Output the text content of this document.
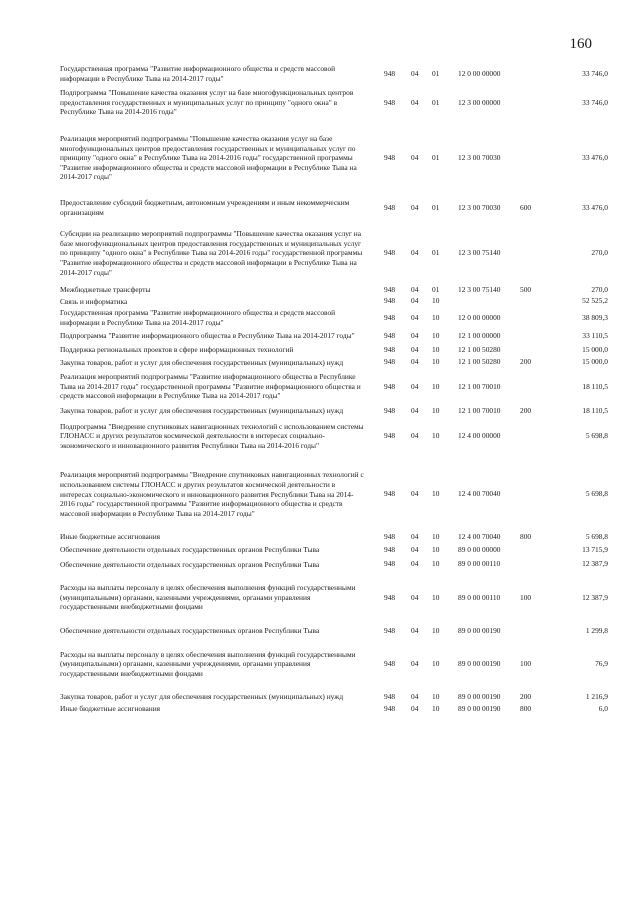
160
Государственная программа "Развитие информационного общества и средств массовой информации в Республике Тыва на 2014-2017 годы"
948 04 01	12 0 00 00000	33 746,0
Подпрограмма "Повышение качества оказания услуг на базе многофункциональных центров предоставления государственных и муниципальных услуг по принципу "одного окна" в Республике Тыва на 2014-2016 годы"
948 04 01	12 3 00 00000	33 746,0
Реализация мероприятий подпрограммы "Повышение качества оказания услуг на базе многофункциональных центров предоставления государственных и муниципальных услуг по принципу "одного окна" в Республике Тыва на 2014-2016 годы" государственной программы "Развитие информационного общества и средств массовой информации в Республике Тыва на 2014-2017 годы"
948 04 01	12 3 00 70030	33 476,0
Предоставление субсидий бюджетным, автономным учреждениям и иным некоммерческим организациям
948 04 01	12 3 00 70030	600	33 476,0
Субсидии на реализацию мероприятий подпрограммы "Повышение качества оказания услуг на базе многофункциональных центров предоставления государственных и муниципальных услуг по принципу "одного окна" в Республике Тыва на 2014-2016 годы" государственной программы "Развитие информационного общества и средств массовой информации в Республике Тыва на 2014-2017 годы"
948 04 01	12 3 00 75140	270,0
Межбюджетные трансферты	948 04 01	12 3 00 75140	500	270,0
Связь и информатика	948 04 10	52 525,2
Государственная программа "Развитие информационного общества и средств массовой информации в Республике Тыва на 2014-2017 годы"
948 04 10	12 0 00 00000	38 809,3
Подпрограмма "Развитие информационного общества в Республике Тыва на 2014-2017 годы"	948 04 10	12 1 00 00000	33 110,5
Поддержка региональных проектов в сфере информационных технологий	948 04 10	12 1 00 50280	15 000,0
Закупка товаров, работ и услуг для обеспечения государственных (муниципальных) нужд	948 04 10	12 1 00 50280	200	15 000,0
Реализация мероприятий подпрограммы "Развитие информационного общества в Республике Тыва на 2014-2017 годы" государственной программы "Развитие информационного общества и средств массовой информации в Республике Тыва на 2014-2017 годы"
948 04 10	12 1 00 70010	18 110,5
Закупка товаров, работ и услуг для обеспечения государственных (муниципальных) нужд	948 04 10	12 1 00 70010	200	18 110,5
Подпрограмма "Внедрение спутниковых навигационных технологий с использованием системы ГЛОНАСС и других результатов космической деятельности в интересах социально-экономического и инновационного развития Республики Тыва на 2014-2016 годы"
948 04 10	12 4 00 00000	5 698,8
Реализация мероприятий подпрограммы "Внедрение спутниковых навигационных технологий с использованием системы ГЛОНАСС и других результатов космической деятельности в интересах социально-экономического и инновационного развития Республики Тыва на 2014-2016 годы" государственной программы "Развитие информационного общества и средств массовой информации в Республике Тыва на 2014-2017 годы"
948 04 10	12 4 00 70040	5 698,8
Иные бюджетные ассигнования	948 04 10	12 4 00 70040	800	5 698,8
Обеспечение деятельности отдельных государственных органов Республики Тыва	948 04 10	89 0 00 00000	13 715,9
Обеспечение деятельности отдельных государственных органов Республики Тыва	948 04 10	89 0 00 00110	12 387,9
Расходы на выплаты персоналу в целях обеспечения выполнения функций государственными (муниципальными) органами, казенными учреждениями, органами управления государственными внебюджетными фондами
948 04 10	89 0 00 00110	100	12 387,9
Обеспечение деятельности отдельных государственных органов Республики Тыва	948 04 10	89 0 00 00190	1 299,8
Расходы на выплаты персоналу в целях обеспечения выполнения функций государственными (муниципальными) органами, казенными учреждениями, органами управления государственными внебюджетными фондами
948 04 10	89 0 00 00190	100	76,9
Закупка товаров, работ и услуг для обеспечения государственных (муниципальных) нужд	948 04 10	89 0 00 00190	200	1 216,9
Иные бюджетные ассигнования	948 04 10	89 0 00 00190	800	6,0
